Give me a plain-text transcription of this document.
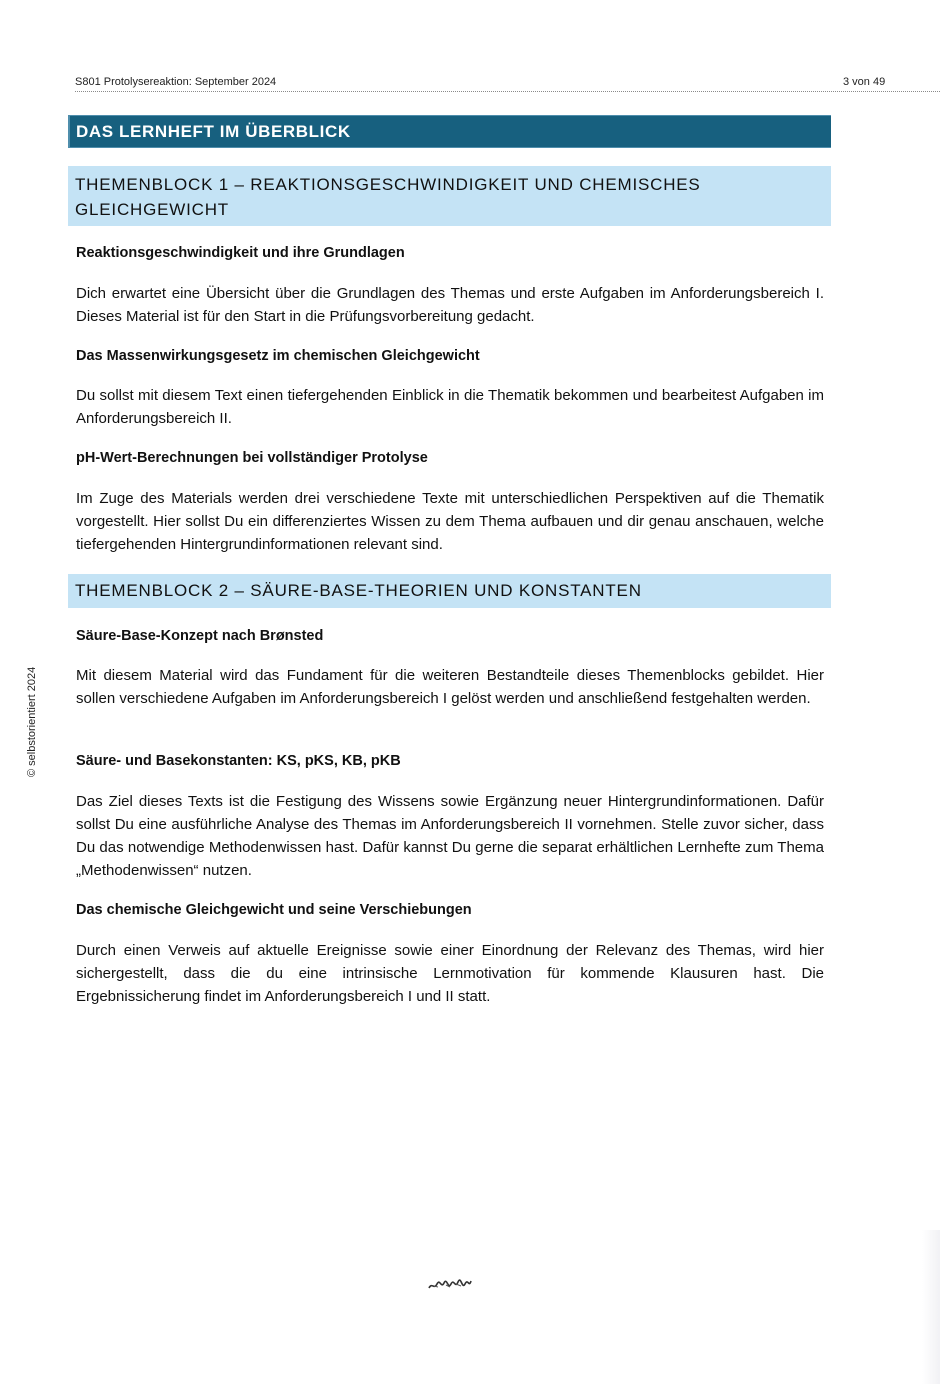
S801 Protolysereaktion: September 2024	3 von 49
DAS LERNHEFT IM ÜBERBLICK
THEMENBLOCK 1 – REAKTIONSGESCHWINDIGKEIT UND CHEMISCHES GLEICHGEWICHT
Reaktionsgeschwindigkeit und ihre Grundlagen
Dich erwartet eine Übersicht über die Grundlagen des Themas und erste Aufgaben im Anforderungsbereich I. Dieses Material ist für den Start in die Prüfungsvorbereitung gedacht.
Das Massenwirkungsgesetz im chemischen Gleichgewicht
Du sollst mit diesem Text einen tiefergehenden Einblick in die Thematik bekommen und bearbeitest Aufgaben im Anforderungsbereich II.
pH-Wert-Berechnungen bei vollständiger Protolyse
Im Zuge des Materials werden drei verschiedene Texte mit unterschiedlichen Perspektiven auf die Thematik vorgestellt. Hier sollst Du ein differenziertes Wissen zu dem Thema aufbauen und dir genau anschauen, welche tiefergehenden Hintergrundinformationen relevant sind.
THEMENBLOCK 2 – SÄURE-BASE-THEORIEN UND KONSTANTEN
Säure-Base-Konzept nach Brønsted
Mit diesem Material wird das Fundament für die weiteren Bestandteile dieses Themenblocks gebildet. Hier sollen verschiedene Aufgaben im Anforderungsbereich I gelöst werden und anschließend festgehalten werden.
Säure- und Basekonstanten: KS, pKS, KB, pKB
Das Ziel dieses Texts ist die Festigung des Wissens sowie Ergänzung neuer Hintergrundinformationen. Dafür sollst Du eine ausführliche Analyse des Themas im Anforderungsbereich II vornehmen. Stelle zuvor sicher, dass Du das notwendige Methodenwissen hast. Dafür kannst Du gerne die separat erhältlichen Lernhefte zum Thema „Methodenwissen“ nutzen.
Das chemische Gleichgewicht und seine Verschiebungen
Durch einen Verweis auf aktuelle Ereignisse sowie einer Einordnung der Relevanz des Themas, wird hier sichergestellt, dass die du eine intrinsische Lernmotivation für kommende Klausuren hast. Die Ergebnissicherung findet im Anforderungsbereich I und II statt.
© selbstorientiert 2024
